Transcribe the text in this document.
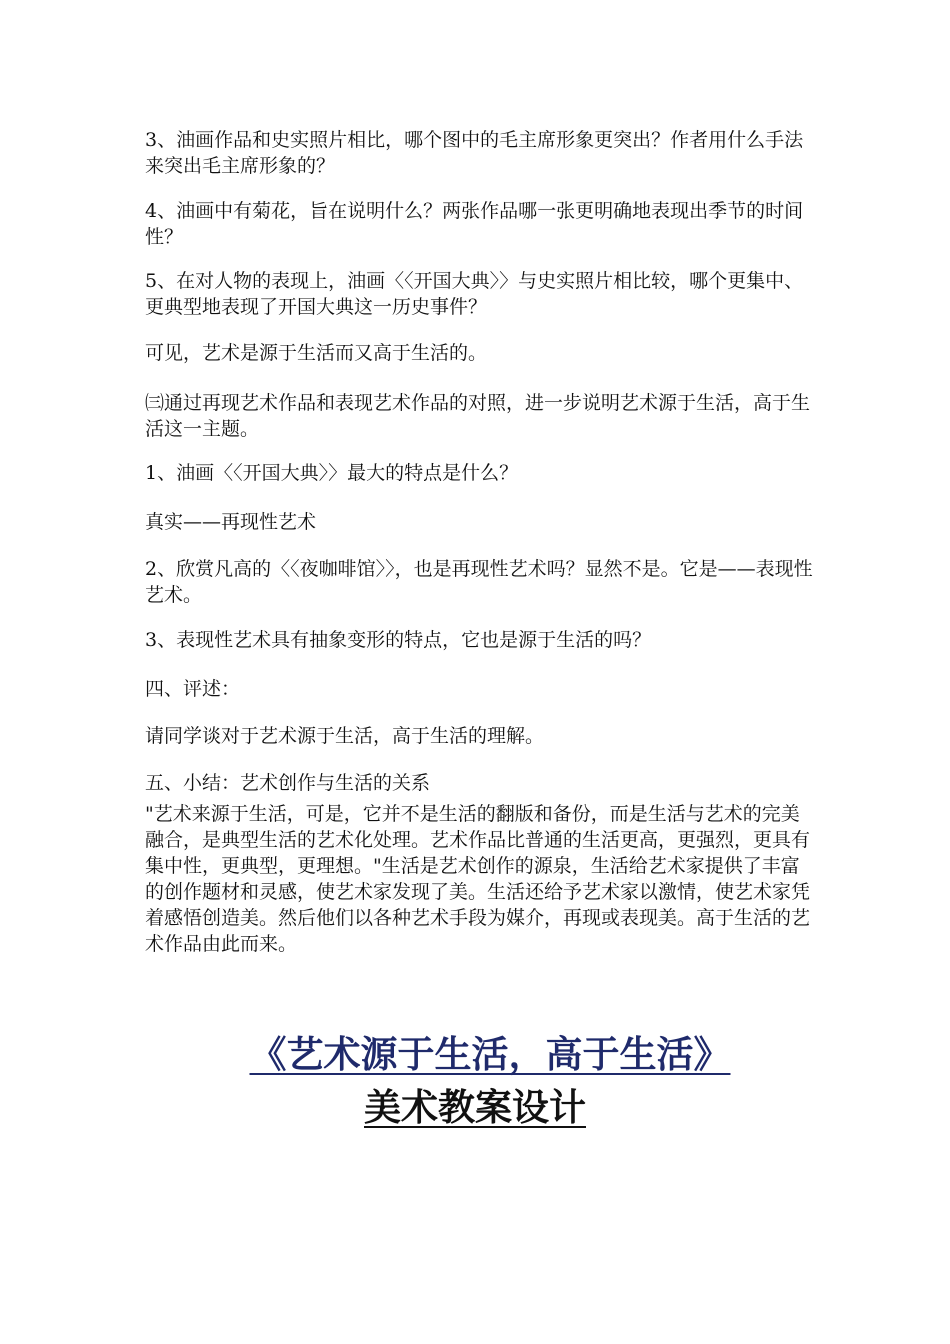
3、油画作品和史实照片相比，哪个图中的毛主席形象更突出？作者用什么手法来突出毛主席形象的？
4、油画中有菊花，旨在说明什么？两张作品哪一张更明确地表现出季节的时间性？
5、在对人物的表现上，油画〈〈开国大典〉〉与史实照片相比较，哪个更集中、更典型地表现了开国大典这一历史事件？
可见，艺术是源于生活而又高于生活的。
㈢通过再现艺术作品和表现艺术作品的对照，进一步说明艺术源于生活，高于生活这一主题。
1、油画〈〈开国大典〉〉最大的特点是什么？
真实——再现性艺术
2、欣赏凡高的〈〈夜咖啡馆〉〉，也是再现性艺术吗？显然不是。它是——表现性艺术。
3、表现性艺术具有抽象变形的特点，它也是源于生活的吗？
四、评述：
请同学谈对于艺术源于生活，高于生活的理解。
五、小结：艺术创作与生活的关系
"艺术来源于生活，可是，它并不是生活的翻版和备份，而是生活与艺术的完美融合，是典型生活的艺术化处理。艺术作品比普通的生活更高，更强烈，更具有集中性，更典型，更理想。"生活是艺术创作的源泉，生活给艺术家提供了丰富的创作题材和灵感，使艺术家发现了美。生活还给予艺术家以激情，使艺术家凭着感悟创造美。然后他们以各种艺术手段为媒介，再现或表现美。高于生活的艺术作品由此而来。
《艺术源于生活，高于生活》
美术教案设计
